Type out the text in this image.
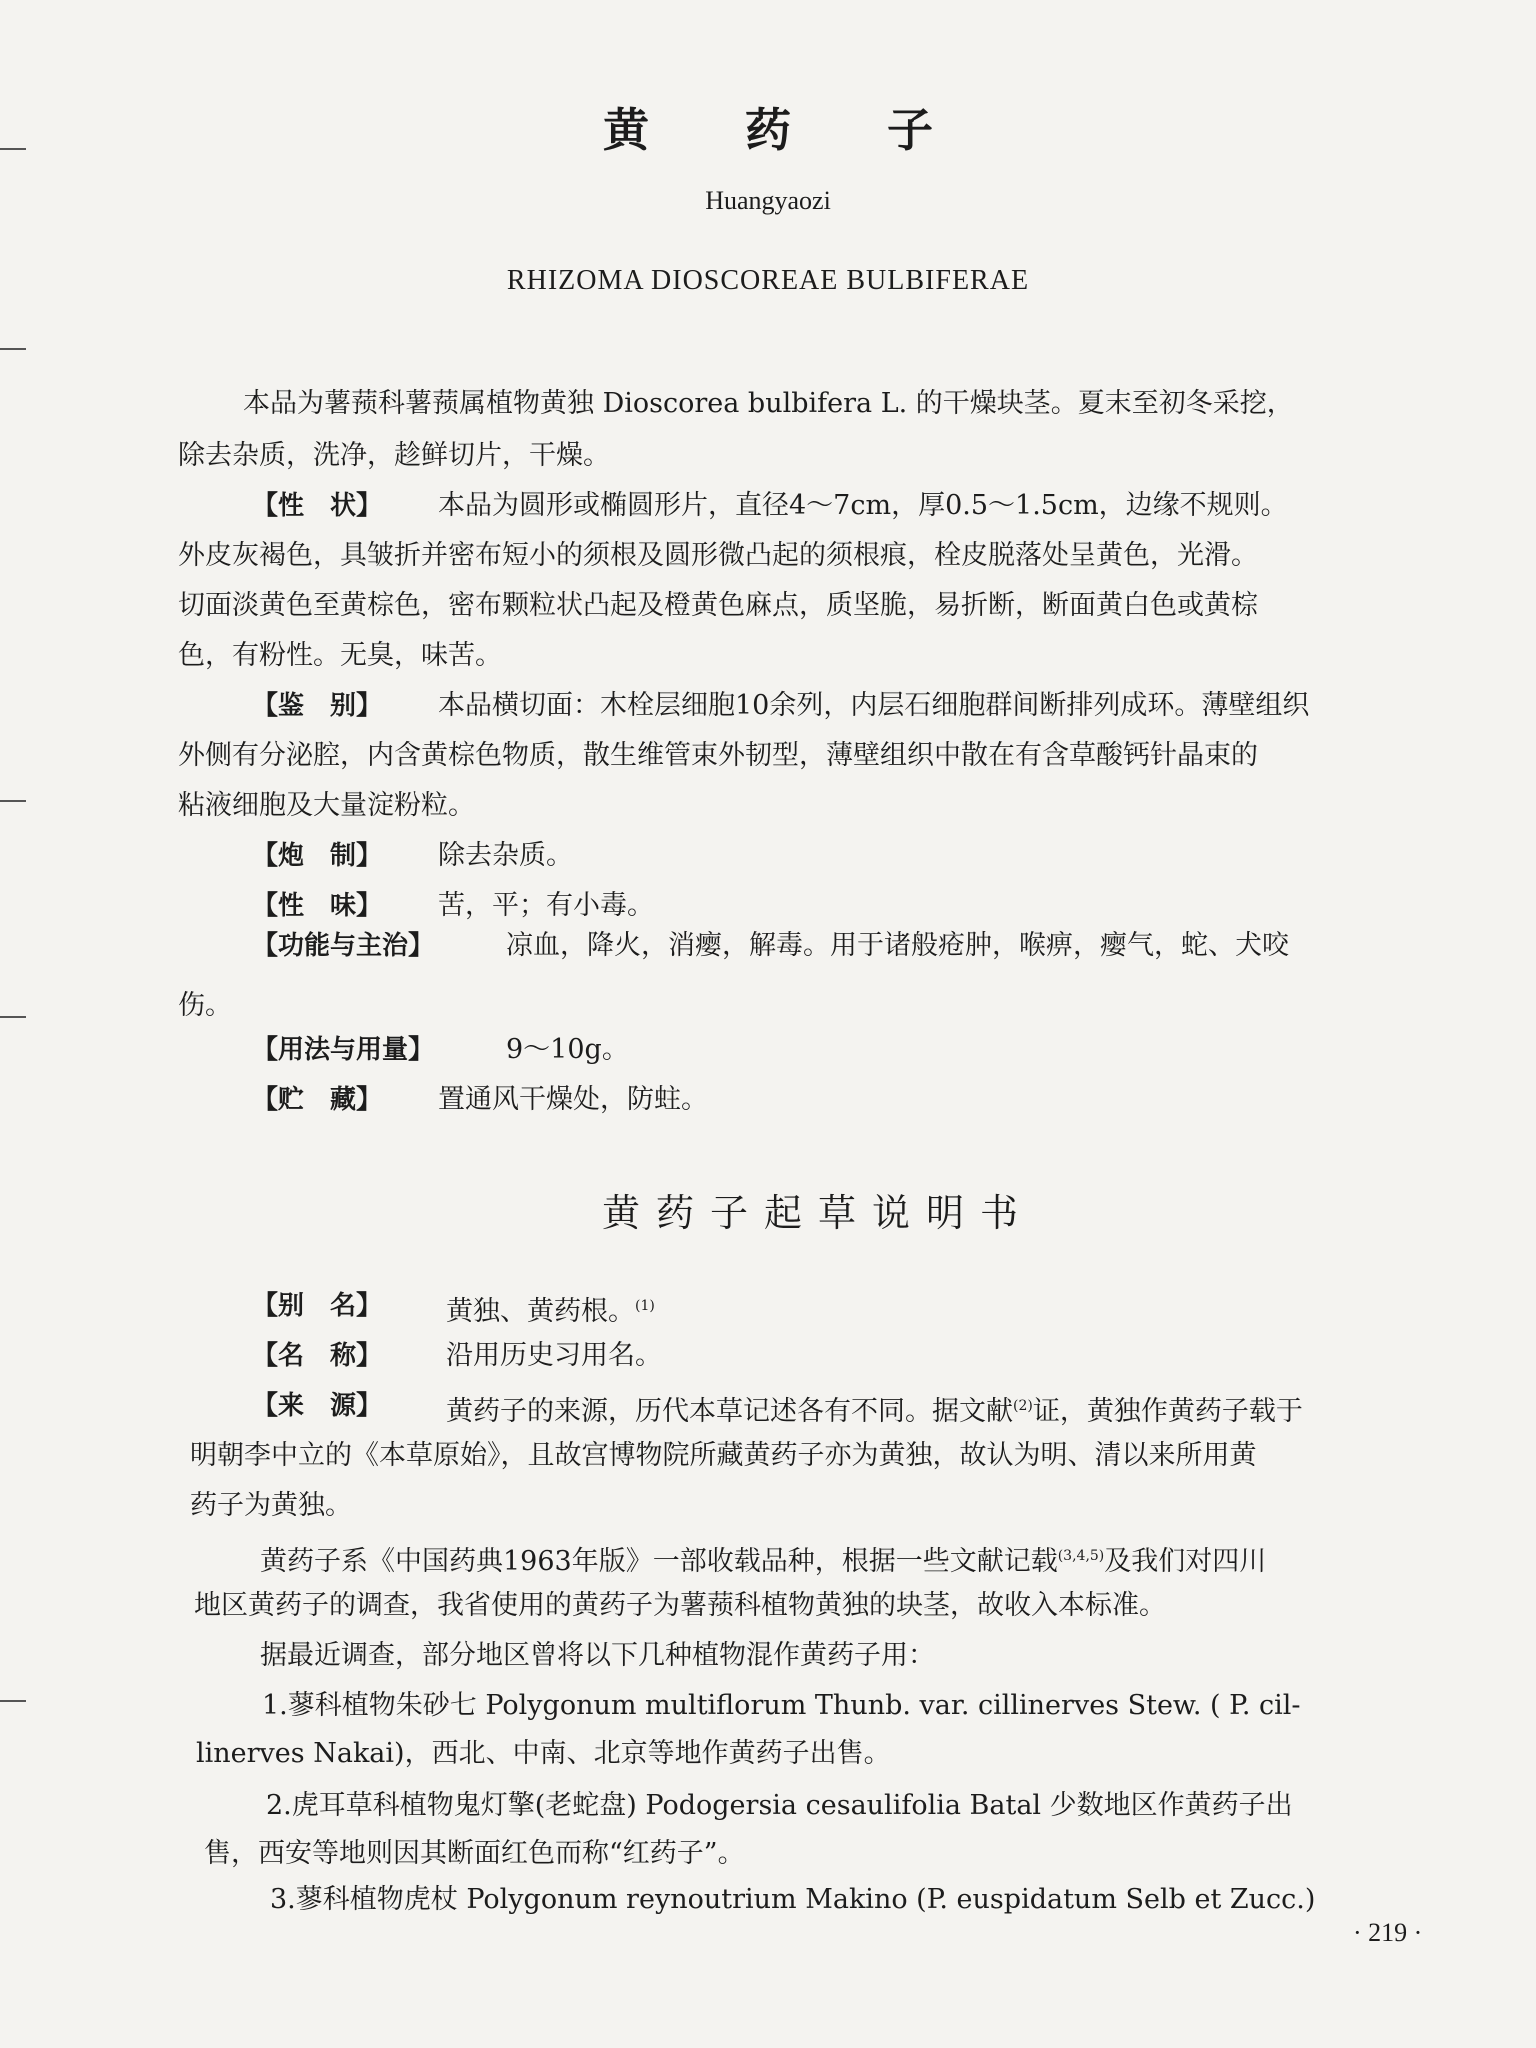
黄 药 子
Huangyaozi
RHIZOMA DIOSCOREAE BULBIFERAE
本品为薯蓣科薯蓣属植物黄独 Dioscorea bulbifera L. 的干燥块茎。夏末至初冬采挖，
除去杂质，洗净，趁鲜切片，干燥。
【性　状】 本品为圆形或椭圆形片，直径4～7cm，厚0.5～1.5cm，边缘不规则。
外皮灰褐色，具皱折并密布短小的须根及圆形微凸起的须根痕，栓皮脱落处呈黄色，光滑。
切面淡黄色至黄棕色，密布颗粒状凸起及橙黄色麻点，质坚脆，易折断，断面黄白色或黄棕
色，有粉性。无臭，味苦。
【鉴　别】 本品横切面：木栓层细胞10余列，内层石细胞群间断排列成环。薄壁组织
外侧有分泌腔，内含黄棕色物质，散生维管束外韧型，薄壁组织中散在有含草酸钙针晶束的
粘液细胞及大量淀粉粒。
【炮　制】 除去杂质。
【性　味】 苦，平；有小毒。
【功能与主治】	凉血，降火，消瘿，解毒。用于诸般疮肿，喉痹，瘿气，蛇、犬咬
伤。
【用法与用量】	9～10g。
【贮　藏】 置通风干燥处，防蛀。
黄药子起草说明书
【别　名】 黄独、黄药根。$^{(1)}$
【名　称】 沿用历史习用名。
【来　源】 黄药子的来源，历代本草记述各有不同。据文献$^{(2)}$证，黄独作黄药子载于
明朝李中立的《本草原始》，且故宫博物院所藏黄药子亦为黄独，故认为明、清以来所用黄
药子为黄独。
黄药子系《中国药典1963年版》一部收载品种，根据一些文献记载$^{(3,4,5)}$及我们对四川
地区黄药子的调查，我省使用的黄药子为薯蓣科植物黄独的块茎，故收入本标准。
据最近调查，部分地区曾将以下几种植物混作黄药子用：
1.蓼科植物朱砂七 Polygonum multiflorum Thunb. var. cillinerves Stew. ( P. cil-
linerves Nakai)，西北、中南、北京等地作黄药子出售。
2.虎耳草科植物鬼灯擎(老蛇盘) Podogersia cesaulifolia Batal 少数地区作黄药子出
售，西安等地则因其断面红色而称“红药子”。
3.蓼科植物虎杖 Polygonum reynoutrium Makino (P. euspidatum Selb et Zucc.)
· 219 ·
